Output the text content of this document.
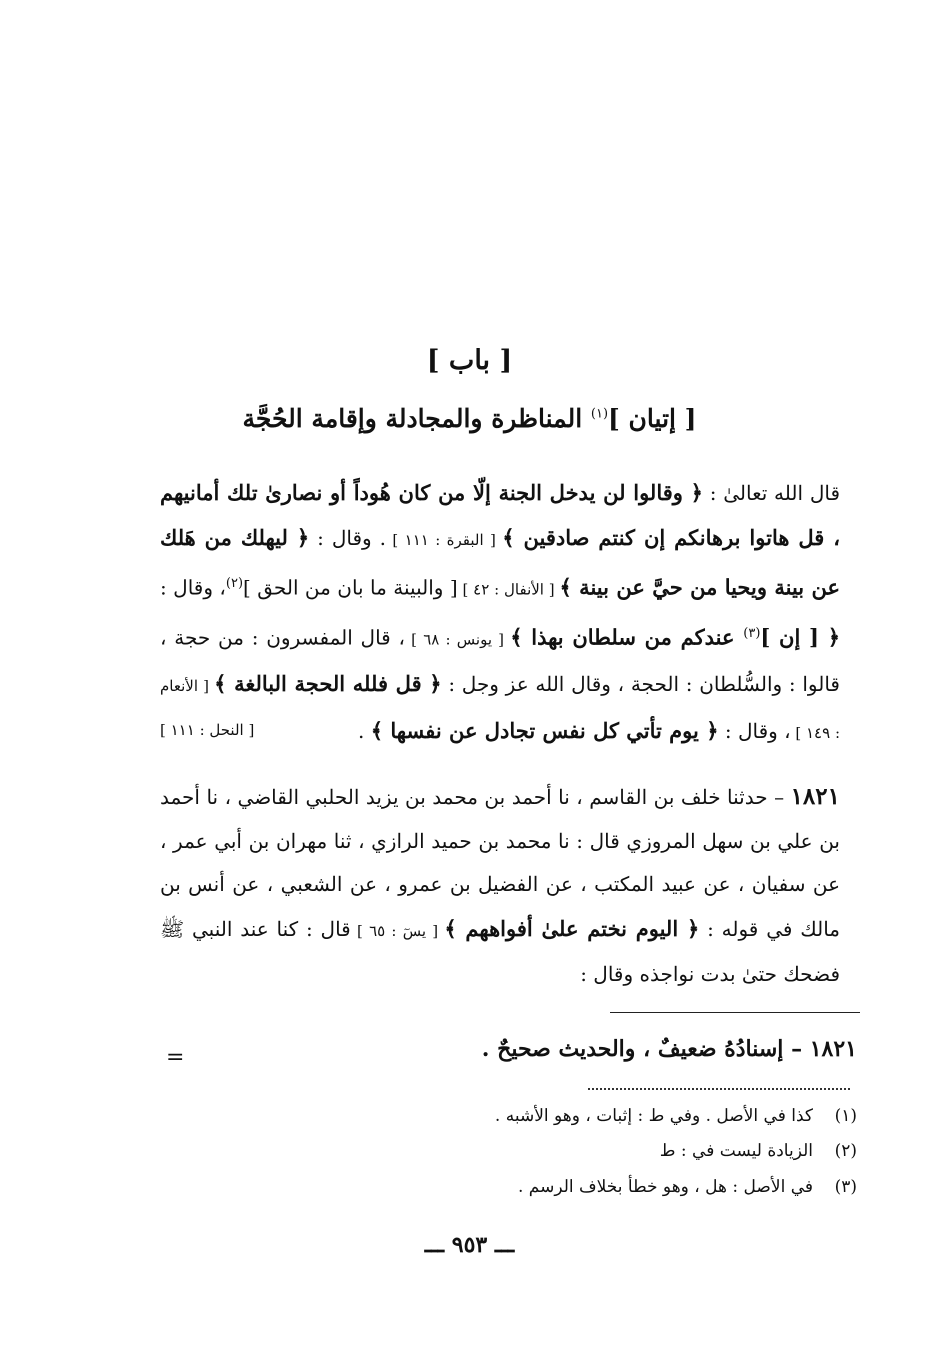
[ باب ]
[ إتيان ]$^{(١)}$ المناظرة والمجادلة وإقامة الحُجَّة
قال الله تعالىٰ : ﴿ وقالوا لن يدخل الجنة إلّا من كان هُوداً أو نصارىٰ تلك أمانيهم ، قل هاتوا برهانكم إن كنتم صادقين ﴾ [ البقرة : ١١١ ] . وقال : ﴿ ليهلك من هَلك عن بينة ويحيا من حيَّ عن بينة ﴾ [ الأنفال : ٤٢ ] [ والبينة ما بان من الحق ]$^{(٢)}$، وقال : ﴿ [ إن ]$^{(٣)}$ عندكم من سلطان بهذا ﴾ [ يونس : ٦٨ ] ، قال المفسرون : من حجة ، قالوا : والسُّلطان : الحجة ، وقال الله عز وجل : ﴿ قل فلله الحجة البالغة ﴾ [ الأنعام : ١٤٩ ] ، وقال : ﴿ يوم تأتي كل نفس تجادل عن نفسها ﴾ .
[ النحل : ١١١ ]
١٨٢١ – حدثنا خلف بن القاسم ، نا أحمد بن محمد بن يزيد الحلبي القاضي ، نا أحمد بن علي بن سهل المروزي قال : نا محمد بن حميد الرازي ، ثنا مهران بن أبي عمر ، عن سفيان ، عن عبيد المكتب ، عن الفضيل بن عمرو ، عن الشعبي ، عن أنس بن مالك في قوله : ﴿ اليوم نختم علىٰ أفواههم ﴾ [ يسٓ : ٦٥ ] قال : كنا عند النبي ﷺ فضحك حتىٰ بدت نواجذه وقال :
١٨٢١ – إسنادُهُ ضعيفٌ ، والحديث صحيحٌ .
=
(١)كذا في الأصل . وفي ط : إثبات ، وهو الأشبه .
(٢)الزيادة ليست في : ط
(٣)في الأصل : هل ، وهو خطأ بخلاف الرسم .
ـــ ٩٥٣ ـــ
